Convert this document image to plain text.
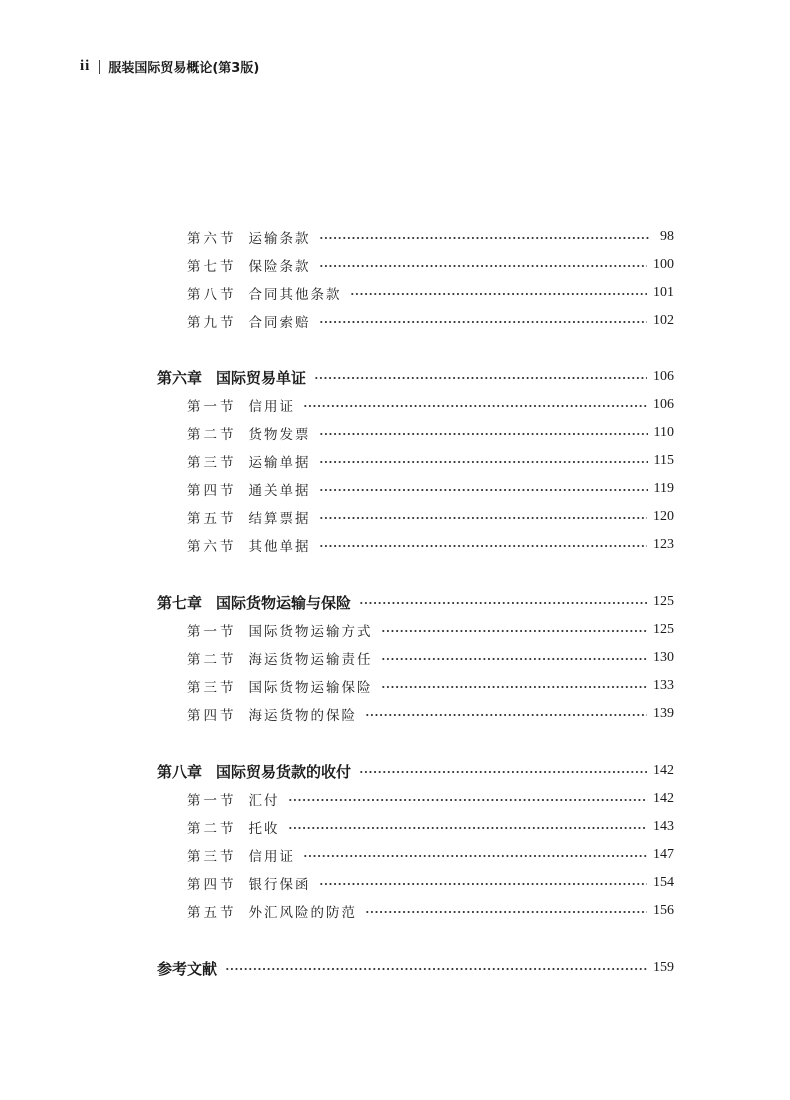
ii 服装国际贸易概论(第3版)
第六节 运输条款	98
第七节 保险条款	100
第八节 合同其他条款	101
第九节 合同索赔	102
第六章 国际贸易单证	106
第一节 信用证	106
第二节 货物发票	110
第三节 运输单据	115
第四节 通关单据	119
第五节 结算票据	120
第六节 其他单据	123
第七章 国际货物运输与保险	125
第一节 国际货物运输方式	125
第二节 海运货物运输责任	130
第三节 国际货物运输保险	133
第四节 海运货物的保险	139
第八章 国际贸易货款的收付	142
第一节 汇付	142
第二节 托收	143
第三节 信用证	147
第四节 银行保函	154
第五节 外汇风险的防范	156
参考文献	159
